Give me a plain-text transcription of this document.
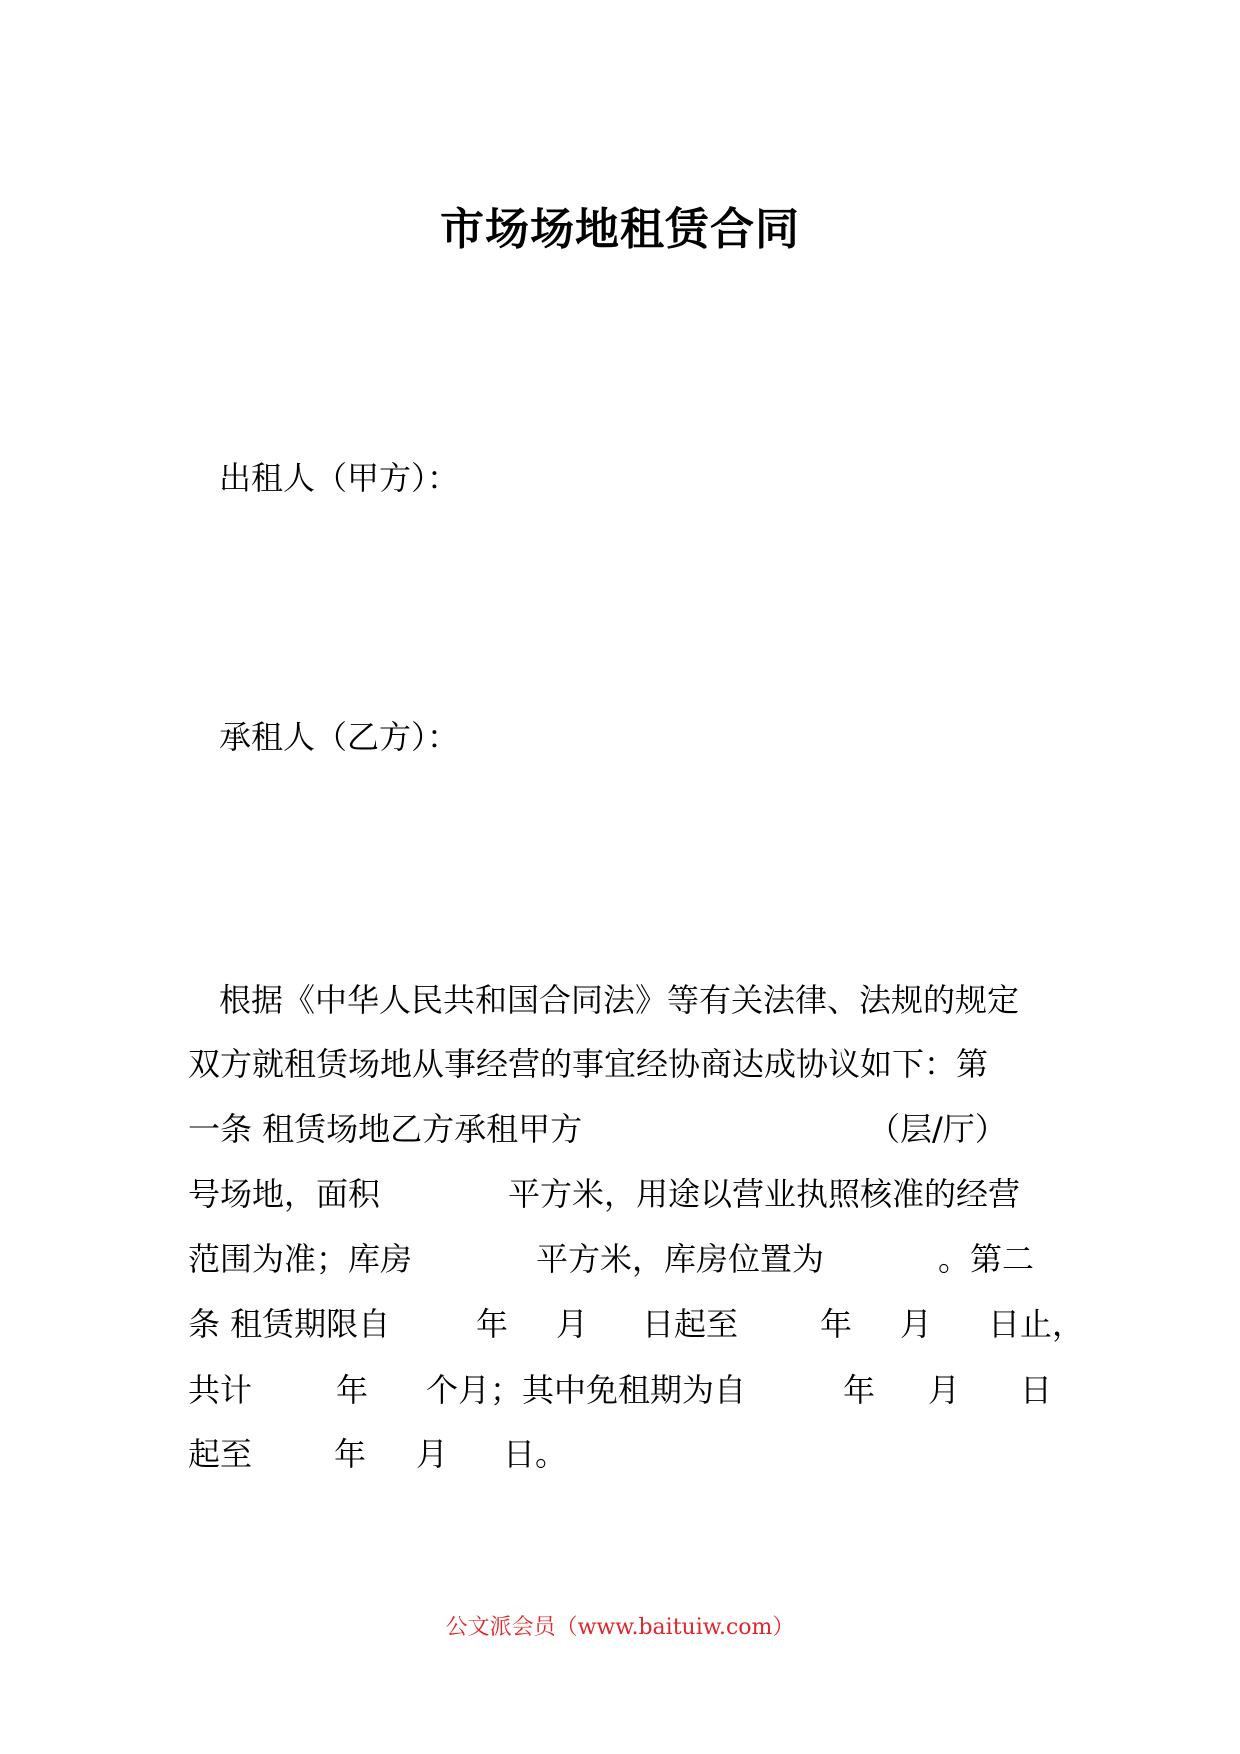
市场场地租赁合同
出租人（甲方）：
承租人（乙方）：
根据《中华人民共和国合同法》等有关法律、法规的规定
双方就租赁场地从事经营的事宜经协商达成协议如下：第
一条 租赁场地乙方承租甲方	（层/厅）
号场地，面积	平方米，用途以营业执照核准的经营
范围为准；库房	平方米，库房位置为	。第二
条 租赁期限自	年 月 日起至	年 月 日止，
共计	年 个月；其中免租期为自	年 月 日
起至	年 月 日。
公文派会员（www.baituiw.com）
